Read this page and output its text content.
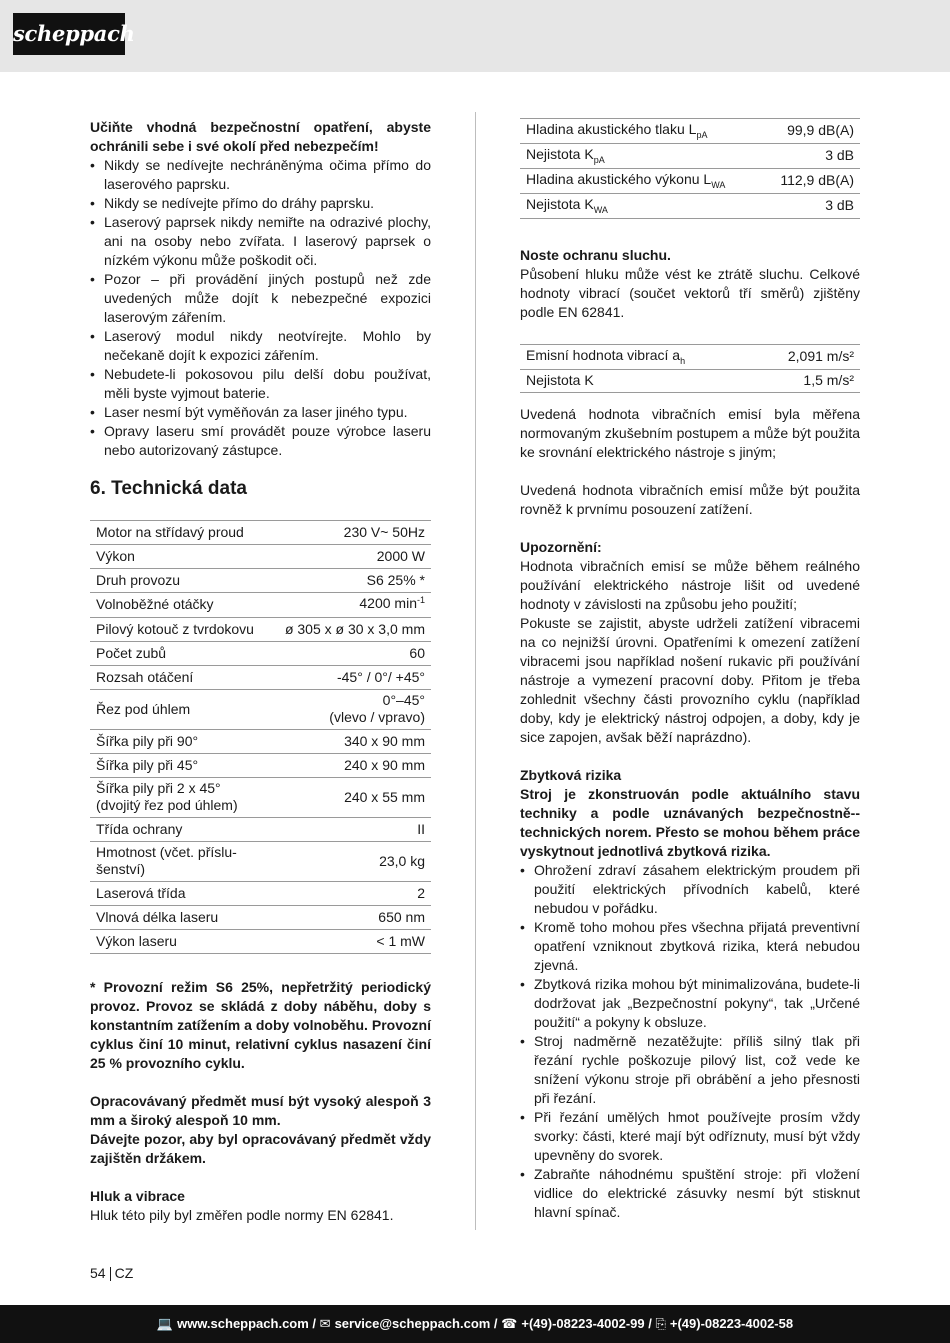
scheppach

Učiňte vhodná bezpečnostní opatření, abyste ochránili sebe i své okolí před nebezpečím!

• Nikdy se nedívejte nechráněnýma očima přímo do laserového paprsku.
• Nikdy se nedívejte přímo do dráhy paprsku.
• Laserový paprsek nikdy nemiřte na odrazivé plochy, ani na osoby nebo zvířata. I laserový paprsek o nízkém výkonu může poškodit oči.
• Pozor – při provádění jiných postupů než zde uvedených může dojít k nebezpečné expozici laserovým zářením.
• Laserový modul nikdy neotvírejte. Mohlo by nečekaně dojít k expozici zářením.
• Nebudete-li pokosovou pilu delší dobu používat, měli byste vyjmout baterie.
• Laser nesmí být vyměňován za laser jiného typu.
• Opravy laseru smí provádět pouze výrobce laseru nebo autorizovaný zástupce.
6. Technická data
Motor na střídavý proud	230 V~ 50Hz
Výkon	2000 W
Druh provozu	S6 25% *
Volnoběžné otáčky	4200 $\min^{-1}$
Pilový kotouč z tvrdokovu	ø 305 x ø 30 x 3,0 mm
Počet zubů	60
Rozsah otáčení	-45° / 0°/ +45°
Řez pod úhlem	0°–45°
(vlevo / vpravo)

Šířka pily při 90°	340 x 90 mm
Šířka pily při 45°	240 x 90 mm

Šířka pily při 2 x 45°
(dvojitý řez pod úhlem)	240 x 55 mm
Třída ochrany	II

Hmotnost (včet. příslu-
šenství)	23,0 kg
Laserová třída	2
Vlnová délka laseru	650 nm
Výkon laseru	< 1 mW

* Provozní režim S6 25%, nepřetržitý periodický provoz. Provoz se skládá z doby náběhu, doby s konstantním zatížením a doby volnoběhu. Provozní cyklus činí 10 minut, relativní cyklus nasazení činí 25 % provozního cyklu.

Opracovávaný předmět musí být vysoký alespoň 3 mm a široký alespoň 10 mm.

Dávejte pozor, aby byl opracovávaný předmět vždy zajištěn držákem.

Hluk a vibrace

Hluk této pily byl změřen podle normy EN 62841.

Hladina akustického tlaku $L_{pA}$	99,9 dB(A)
Nejistota $K_{pA}$	3 dB
Hladina akustického výkonu $L_{WA}$	112,9 dB(A)
Nejistota $K_{WA}$	3 dB

Noste ochranu sluchu.

Působení hluku může vést ke ztrátě sluchu. Celkové hodnoty vibrací (součet vektorů tří směrů) zjištěny podle EN 62841.

Emisní hodnota vibrací $a_h$	2,091 m/s²
Nejistota K	1,5 m/s²

Uvedená hodnota vibračních emisí byla měřena normovaným zkušebním postupem a může být použita ke srovnání elektrického nástroje s jiným;

Uvedená hodnota vibračních emisí může být použita rovněž k prvnímu posouzení zatížení.

Upozornění:

Hodnota vibračních emisí se může během reálného používání elektrického nástroje lišit od uvedené hodnoty v závislosti na způsobu jeho použití;

Pokuste se zajistit, abyste udrželi zatížení vibracemi na co nejnižší úrovni. Opatřeními k omezení zatížení vibracemi jsou například nošení rukavic při používání nástroje a vymezení pracovní doby. Přitom je třeba zohlednit všechny části provozního cyklu (například doby, kdy je elektrický nástroj odpojen, a doby, kdy je sice zapojen, avšak běží naprázdno).

Zbytková rizika

Stroj je zkonstruován podle aktuálního stavu techniky a podle uznávaných bezpečnostně--technických norem. Přesto se mohou během práce vyskytnout jednotlivá zbytková rizika.

• Ohrožení zdraví zásahem elektrickým proudem při použití elektrických přívodních kabelů, které nebudou v pořádku.
• Kromě toho mohou přes všechna přijatá preventivní opatření vzniknout zbytková rizika, která nebudou zjevná.
• Zbytková rizika mohou být minimalizována, budete-li dodržovat jak „Bezpečnostní pokyny“, tak „Určené použití“ a pokyny k obsluze.
• Stroj nadměrně nezatěžujte: příliš silný tlak při řezání rychle poškozuje pilový list, což vede ke snížení výkonu stroje při obrábění a jeho přesnosti při řezání.
• Při řezání umělých hmot používejte prosím vždy svorky: části, které mají být odříznuty, musí být vždy upevněny do svorek.
• Zabraňte náhodnému spuštění stroje: při vložení vidlice do elektrické zásuvky nesmí být stisknut hlavní spínač.
54 CZ
💻 www.scheppach.com / ✉ service@scheppach.com / ☎ +(49)-08223-4002-99 / ⎘ +(49)-08223-4002-58
